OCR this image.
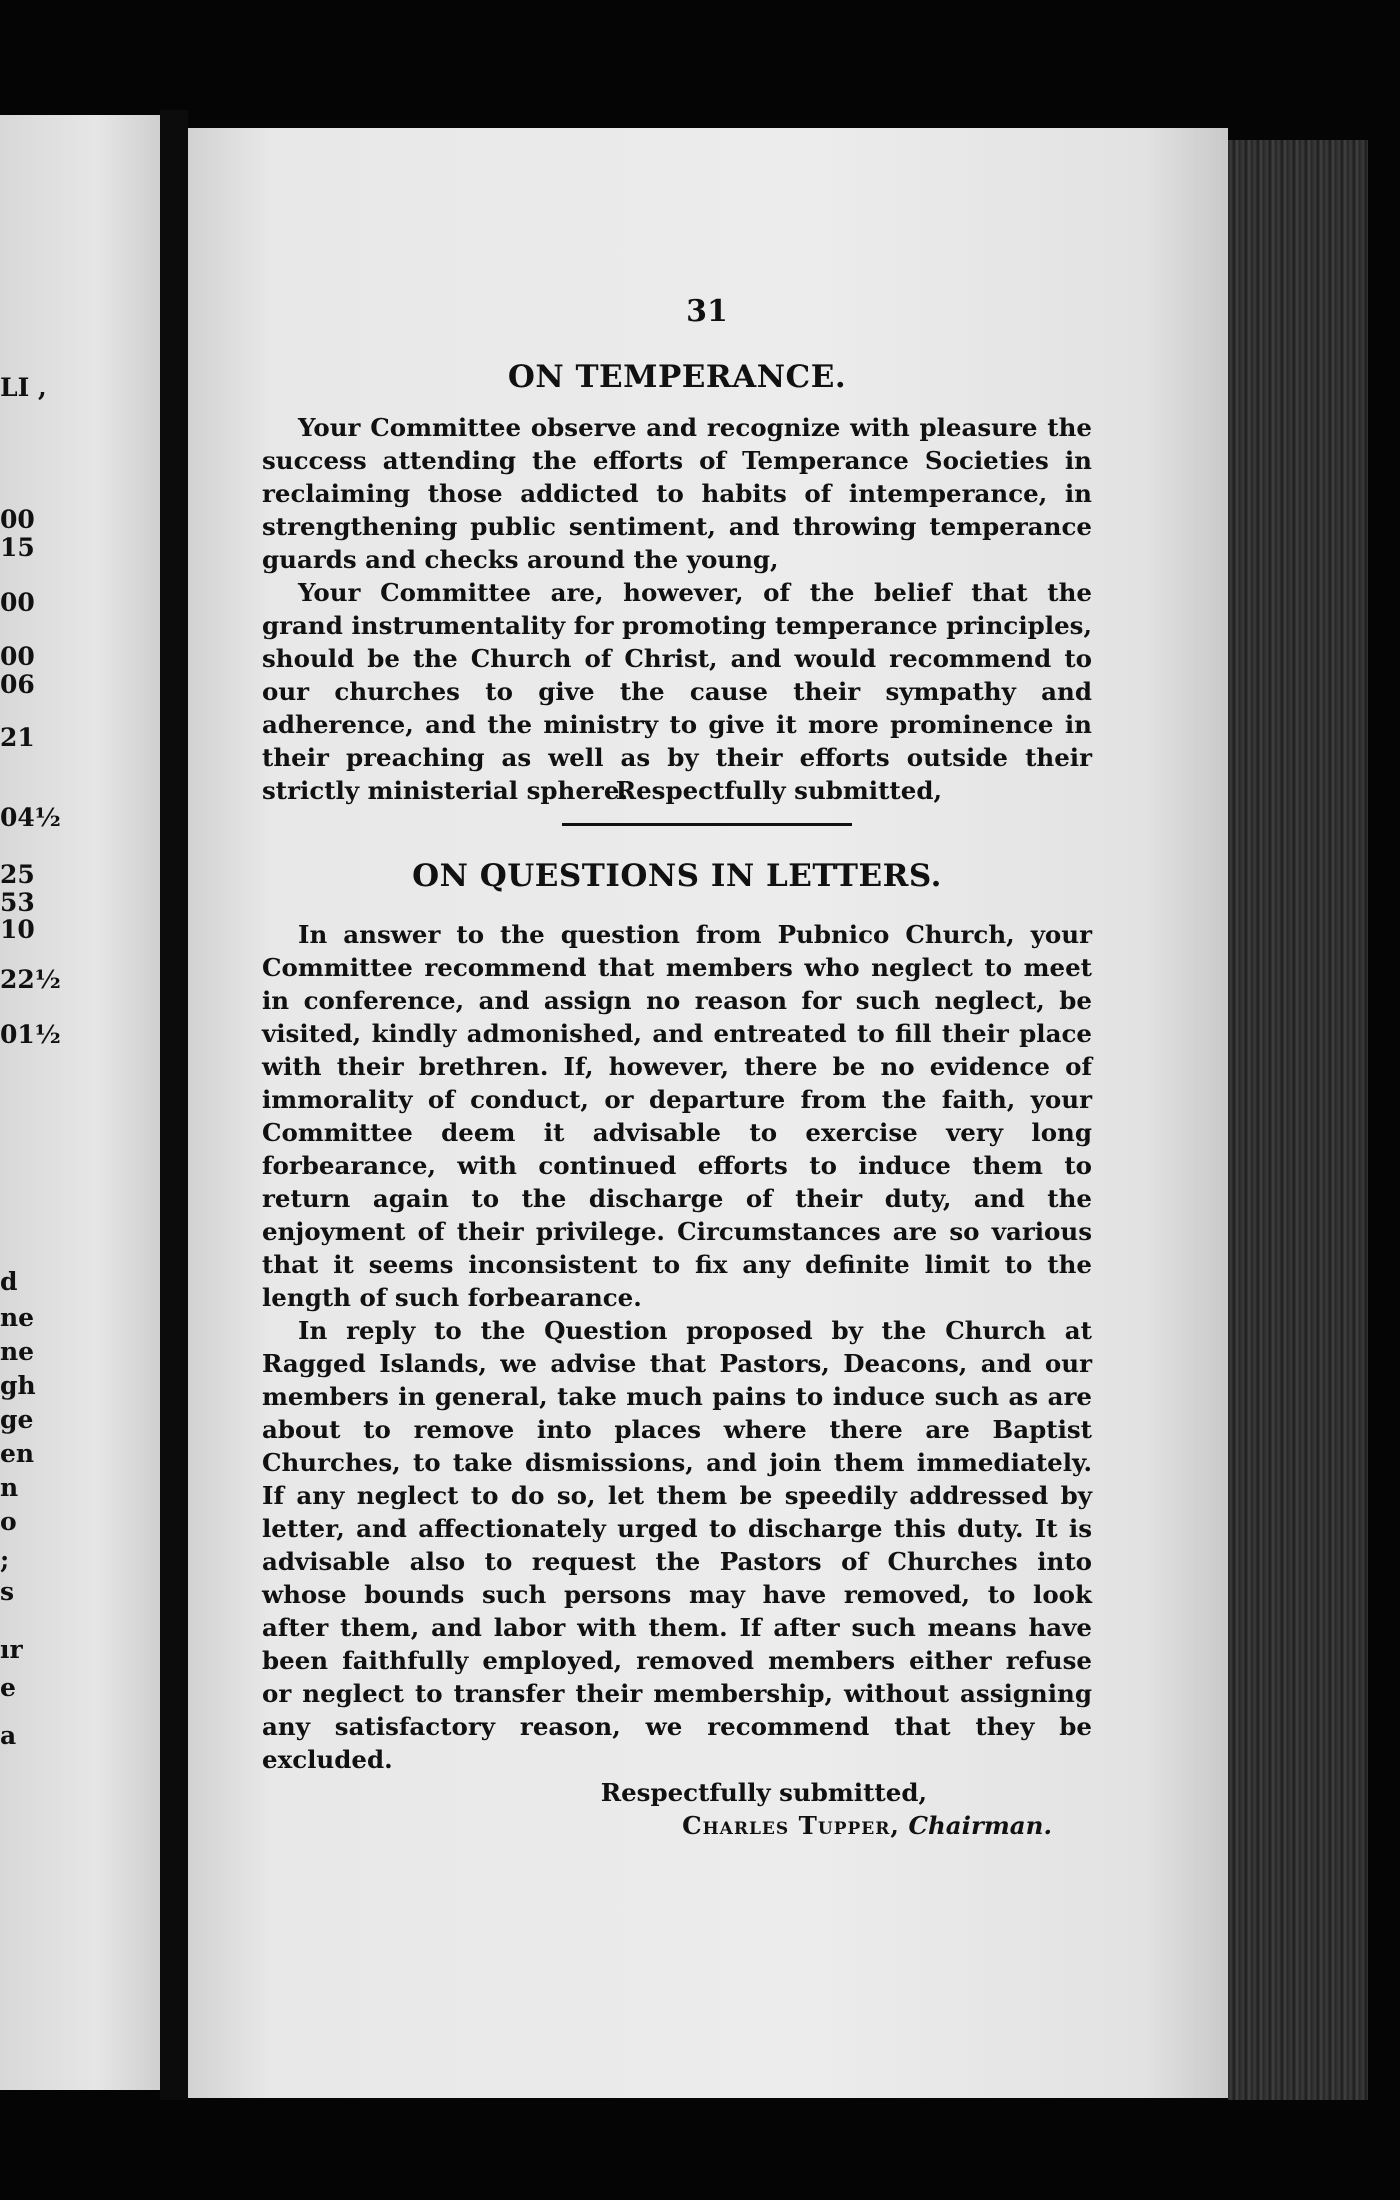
LI ,
00
15
00
00
06
21
04½
25
53
10
22½
01½
d
ne
ne
gh
ge
en
n
o
;
s
ır
e
a
31
ON TEMPERANCE.

Your Committee observe and recognize with pleasure the success attending the efforts of Temperance Societies in reclaiming those addicted to habits of intemperance, in strengthening public sentiment, and throwing temperance guards and checks around the young,

Your Committee are, however, of the belief that the grand instrumentality for promoting temperance principles, should be the Church of Christ, and would recommend to our churches to give the cause their sympathy and adherence, and the ministry to give it more prominence in their preaching as well as by their efforts outside their strictly ministerial sphere.

Respectfully submitted,

ON QUESTIONS IN LETTERS.

In answer to the question from Pubnico Church, your Committee recommend that members who neglect to meet in conference, and assign no reason for such neglect, be visited, kindly admonished, and entreated to fill their place with their brethren. If, however, there be no evidence of immorality of conduct, or departure from the faith, your Committee deem it advisable to exercise very long forbearance, with continued efforts to induce them to return again to the discharge of their duty, and the enjoyment of their privilege. Circumstances are so various that it seems inconsistent to fix any definite limit to the length of such forbearance.

In reply to the Question proposed by the Church at Ragged Islands, we advise that Pastors, Deacons, and our members in general, take much pains to induce such as are about to remove into places where there are Baptist Churches, to take dismissions, and join them immediately. If any neglect to do so, let them be speedily addressed by letter, and affectionately urged to discharge this duty. It is advisable also to request the Pastors of Churches into whose bounds such persons may have removed, to look after them, and labor with them. If after such means have been faithfully employed, removed members either refuse or neglect to transfer their membership, without assigning any satisfactory reason, we recommend that they be excluded.

Respectfully submitted,

Charles Tupper, Chairman.
